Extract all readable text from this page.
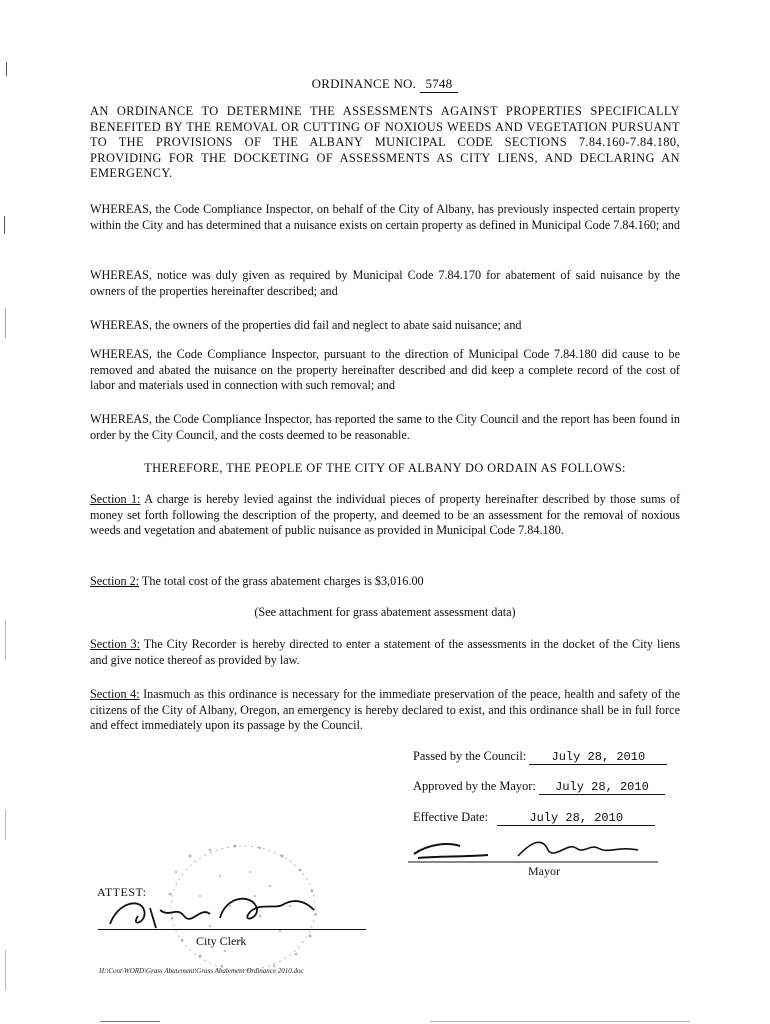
ORDINANCE NO. 5748
AN ORDINANCE TO DETERMINE THE ASSESSMENTS AGAINST PROPERTIES SPECIFICALLY BENEFITED BY THE REMOVAL OR CUTTING OF NOXIOUS WEEDS AND VEGETATION PURSUANT TO THE PROVISIONS OF THE ALBANY MUNICIPAL CODE SECTIONS 7.84.160-7.84.180, PROVIDING FOR THE DOCKETING OF ASSESSMENTS AS CITY LIENS, AND DECLARING AN EMERGENCY.
WHEREAS, the Code Compliance Inspector, on behalf of the City of Albany, has previously inspected certain property within the City and has determined that a nuisance exists on certain property as defined in Municipal Code 7.84.160; and
WHEREAS, notice was duly given as required by Municipal Code 7.84.170 for abatement of said nuisance by the owners of the properties hereinafter described; and
WHEREAS, the owners of the properties did fail and neglect to abate said nuisance; and
WHEREAS, the Code Compliance Inspector, pursuant to the direction of Municipal Code 7.84.180 did cause to be removed and abated the nuisance on the property hereinafter described and did keep a complete record of the cost of labor and materials used in connection with such removal; and
WHEREAS, the Code Compliance Inspector, has reported the same to the City Council and the report has been found in order by the City Council, and the costs deemed to be reasonable.
THEREFORE, THE PEOPLE OF THE CITY OF ALBANY DO ORDAIN AS FOLLOWS:
Section 1: A charge is hereby levied against the individual pieces of property hereinafter described by those sums of money set forth following the description of the property, and deemed to be an assessment for the removal of noxious weeds and vegetation and abatement of public nuisance as provided in Municipal Code 7.84.180.
Section 2: The total cost of the grass abatement charges is $3,016.00
(See attachment for grass abatement assessment data)
Section 3: The City Recorder is hereby directed to enter a statement of the assessments in the docket of the City liens and give notice thereof as provided by law.
Section 4: Inasmuch as this ordinance is necessary for the immediate preservation of the peace, health and safety of the citizens of the City of Albany, Oregon, an emergency is hereby declared to exist, and this ordinance shall be in full force and effect immediately upon its passage by the Council.
Passed by the Council: July 28, 2010
Approved by the Mayor: July 28, 2010
Effective Date:	July 28, 2010
Mayor
ATTEST:
City Clerk
H:\Cont\WORD\Grass Abatement\Grass Abatement Ordinance 2010.doc
